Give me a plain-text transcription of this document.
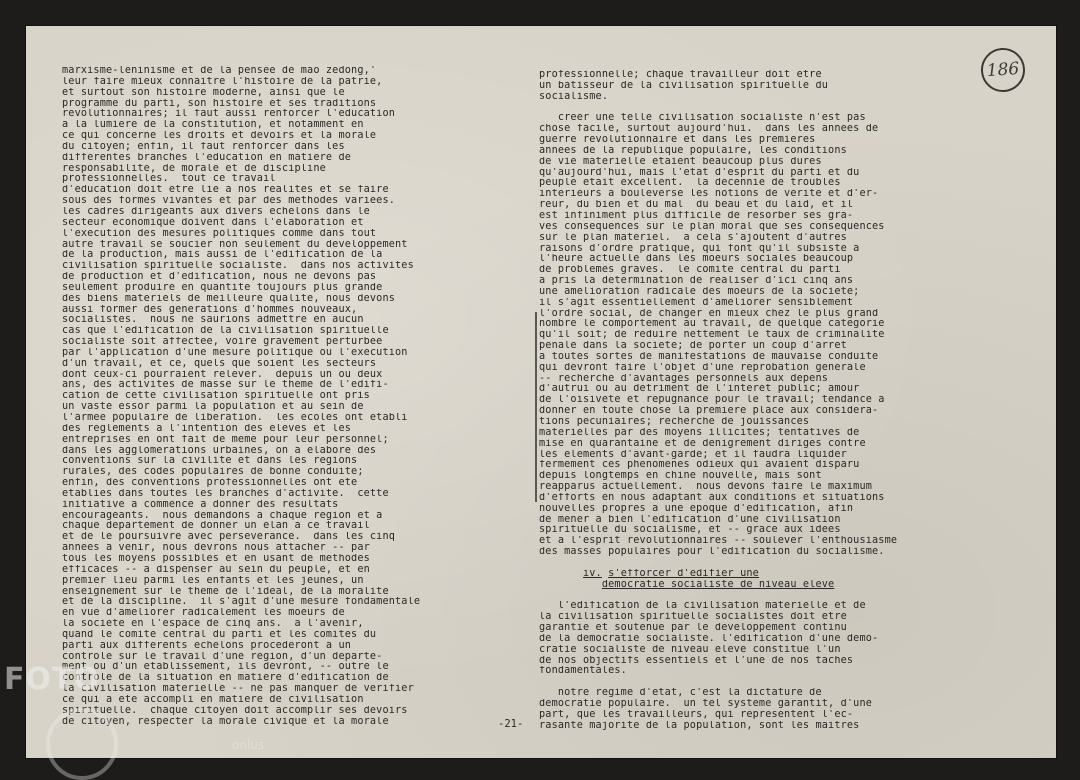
186
marxisme-leninisme et de la pensee de mao zedong,'
leur faire mieux connaitre l'histoire de la patrie,
et surtout son histoire moderne, ainsi que le
programme du parti, son histoire et ses traditions
revolutionnaires; il faut aussi renforcer l'education
a la lumiere de la constitution, et notamment en
ce qui concerne les droits et devoirs et la morale
du citoyen; enfin, il faut renforcer dans les
differentes branches l'education en matiere de
responsabilite, de morale et de discipline
professionnelles.  tout ce travail
d'education doit etre lie a nos realites et se faire
sous des formes vivantes et par des methodes variees.
les cadres dirigeants aux divers echelons dans le
secteur economique doivent dans l'elaboration et
l'execution des mesures politiques comme dans tout
autre travail se soucier non seulement du developpement
de la production, mais aussi de l'edification de la
civilisation spirituelle socialiste.  dans nos activites
de production et d'edification, nous ne devons pas
seulement produire en quantite toujours plus grande
des biens materiels de meilleure qualite, nous devons
aussi former des generations d'hommes nouveaux,
socialistes.  nous ne saurions admettre en aucun
cas que l'edification de la civilisation spirituelle
socialiste soit affectee, voire gravement perturbee
par l'application d'une mesure politique ou l'execution
d'un travail, et ce, quels que soient les secteurs
dont ceux-ci pourraient relever.  depuis un ou deux
ans, des activites de masse sur le theme de l'edifi-
cation de cette civilisation spirituelle ont pris
un vaste essor parmi la population et au sein de
l'armee populaire de liberation.  les ecoles ont etabli
des reglements a l'intention des eleves et les
entreprises en ont fait de meme pour leur personnel;
dans les agglomerations urbaines, on a elabore des
conventions sur la civilite et dans les regions
rurales, des codes populaires de bonne conduite;
enfin, des conventions professionnelles ont ete
etablies dans toutes les branches d'activite.  cette
initiative a commence a donner des resultats
encourageants.  nous demandons a chaque region et a
chaque departement de donner un elan a ce travail
et de le poursuivre avec perseverance.  dans les cinq
annees a venir, nous devrons nous attacher -- par
tous les moyens possibles et en usant de methodes
efficaces -- a dispenser au sein du peuple, et en
premier lieu parmi les enfants et les jeunes, un
enseignement sur le theme de l'ideal, de la moralite
et de la discipline.  il s'agit d'une mesure fondamentale
en vue d'ameliorer radicalement les moeurs de
la societe en l'espace de cinq ans.  a l'avenir,
quand le comite central du parti et les comites du
parti aux differents echelons procederont a un
controle sur le travail d'une region, d'un departe-
ment ou d'un etablissement, ils devront, -- outre le
controle de la situation en matiere d'edification de
la civilisation materielle -- ne pas manquer de verifier
ce qui a ete accompli en matiere de civilisation
spirituelle.  chaque citoyen doit accomplir ses devoirs
de citoyen, respecter la morale civique et la morale
professionnelle; chaque travailleur doit etre
un batisseur de la civilisation spirituelle du
socialisme.
creer une telle civilisation socialiste n'est pas
chose facile, surtout aujourd'hui.  dans les annees de
guerre revolutionnaire et dans les premieres
annees de la republique populaire, les conditions
de vie materielle etaient beaucoup plus dures
qu'aujourd'hui, mais l'etat d'esprit du parti et du
peuple etait excellent.  la decennie de troubles
interieurs a bouleverse les notions de verite et d'er-
reur, du bien et du mal  du beau et du laid, et il
est infiniment plus difficile de resorber ses gra-
ves consequences sur le plan moral que ses consequences
sur le plan materiel.  a cela s'ajoutent d'autres
raisons d'ordre pratique, qui font qu'il subsiste a
l'heure actuelle dans les moeurs sociales beaucoup
de problemes graves.  le comite central du parti
a pris la determination de realiser d'ici cinq ans
une amelioration radicale des moeurs de la societe;
il s'agit essentiellement d'ameliorer sensiblement
l'ordre social, de changer en mieux chez le plus grand
nombre le comportement au travail, de quelque categorie
qu'il soit; de reduire nettement le taux de criminalite
penale dans la societe; de porter un coup d'arret
a toutes sortes de manifestations de mauvaise conduite
qui devront faire l'objet d'une reprobation generale
-- recherche d'avantages personnels aux depens
d'autrui ou au detriment de l'interet public; amour
de l'oisivete et repugnance pour le travail; tendance a
donner en toute chose la premiere place aux considera-
tions pecuniaires; recherche de jouissances
materielles par des moyens illicites; tentatives de
mise en quarantaine et de denigrement diriges contre
les elements d'avant-garde; et il faudra liquider
fermement ces phenomenes odieux qui avaient disparu
depuis longtemps en chine nouvelle, mais sont
reapparus actuellement.  nous devons faire le maximum
d'efforts en nous adaptant aux conditions et situations
nouvelles propres a une epoque d'edification, afin
de mener a bien l'edification d'une civilisation
spirituelle du socialisme, et -- grace aux idees
et a l'esprit revolutionnaires -- soulever l'enthousiasme
des masses populaires pour l'edification du socialisme.
iv. s'efforcer d'edifier une
democratie socialiste de niveau eleve
l'edification de la civilisation materielle et de
la civilisation spirituelle socialistes doit etre
garantie et soutenue par le developpement continu
de la democratie socialiste. l'edification d'une demo-
cratie socialiste de niveau eleve constitue l'un
de nos objectifs essentiels et l'une de nos taches
fondamentales.
notre regime d'etat, c'est la dictature de
democratie populaire.  un tel systeme garantit, d'une
part, que les travailleurs, qui representent l'ec-
rasante majorite de la population, sont les maitres
-21-
FOTO
onlus
